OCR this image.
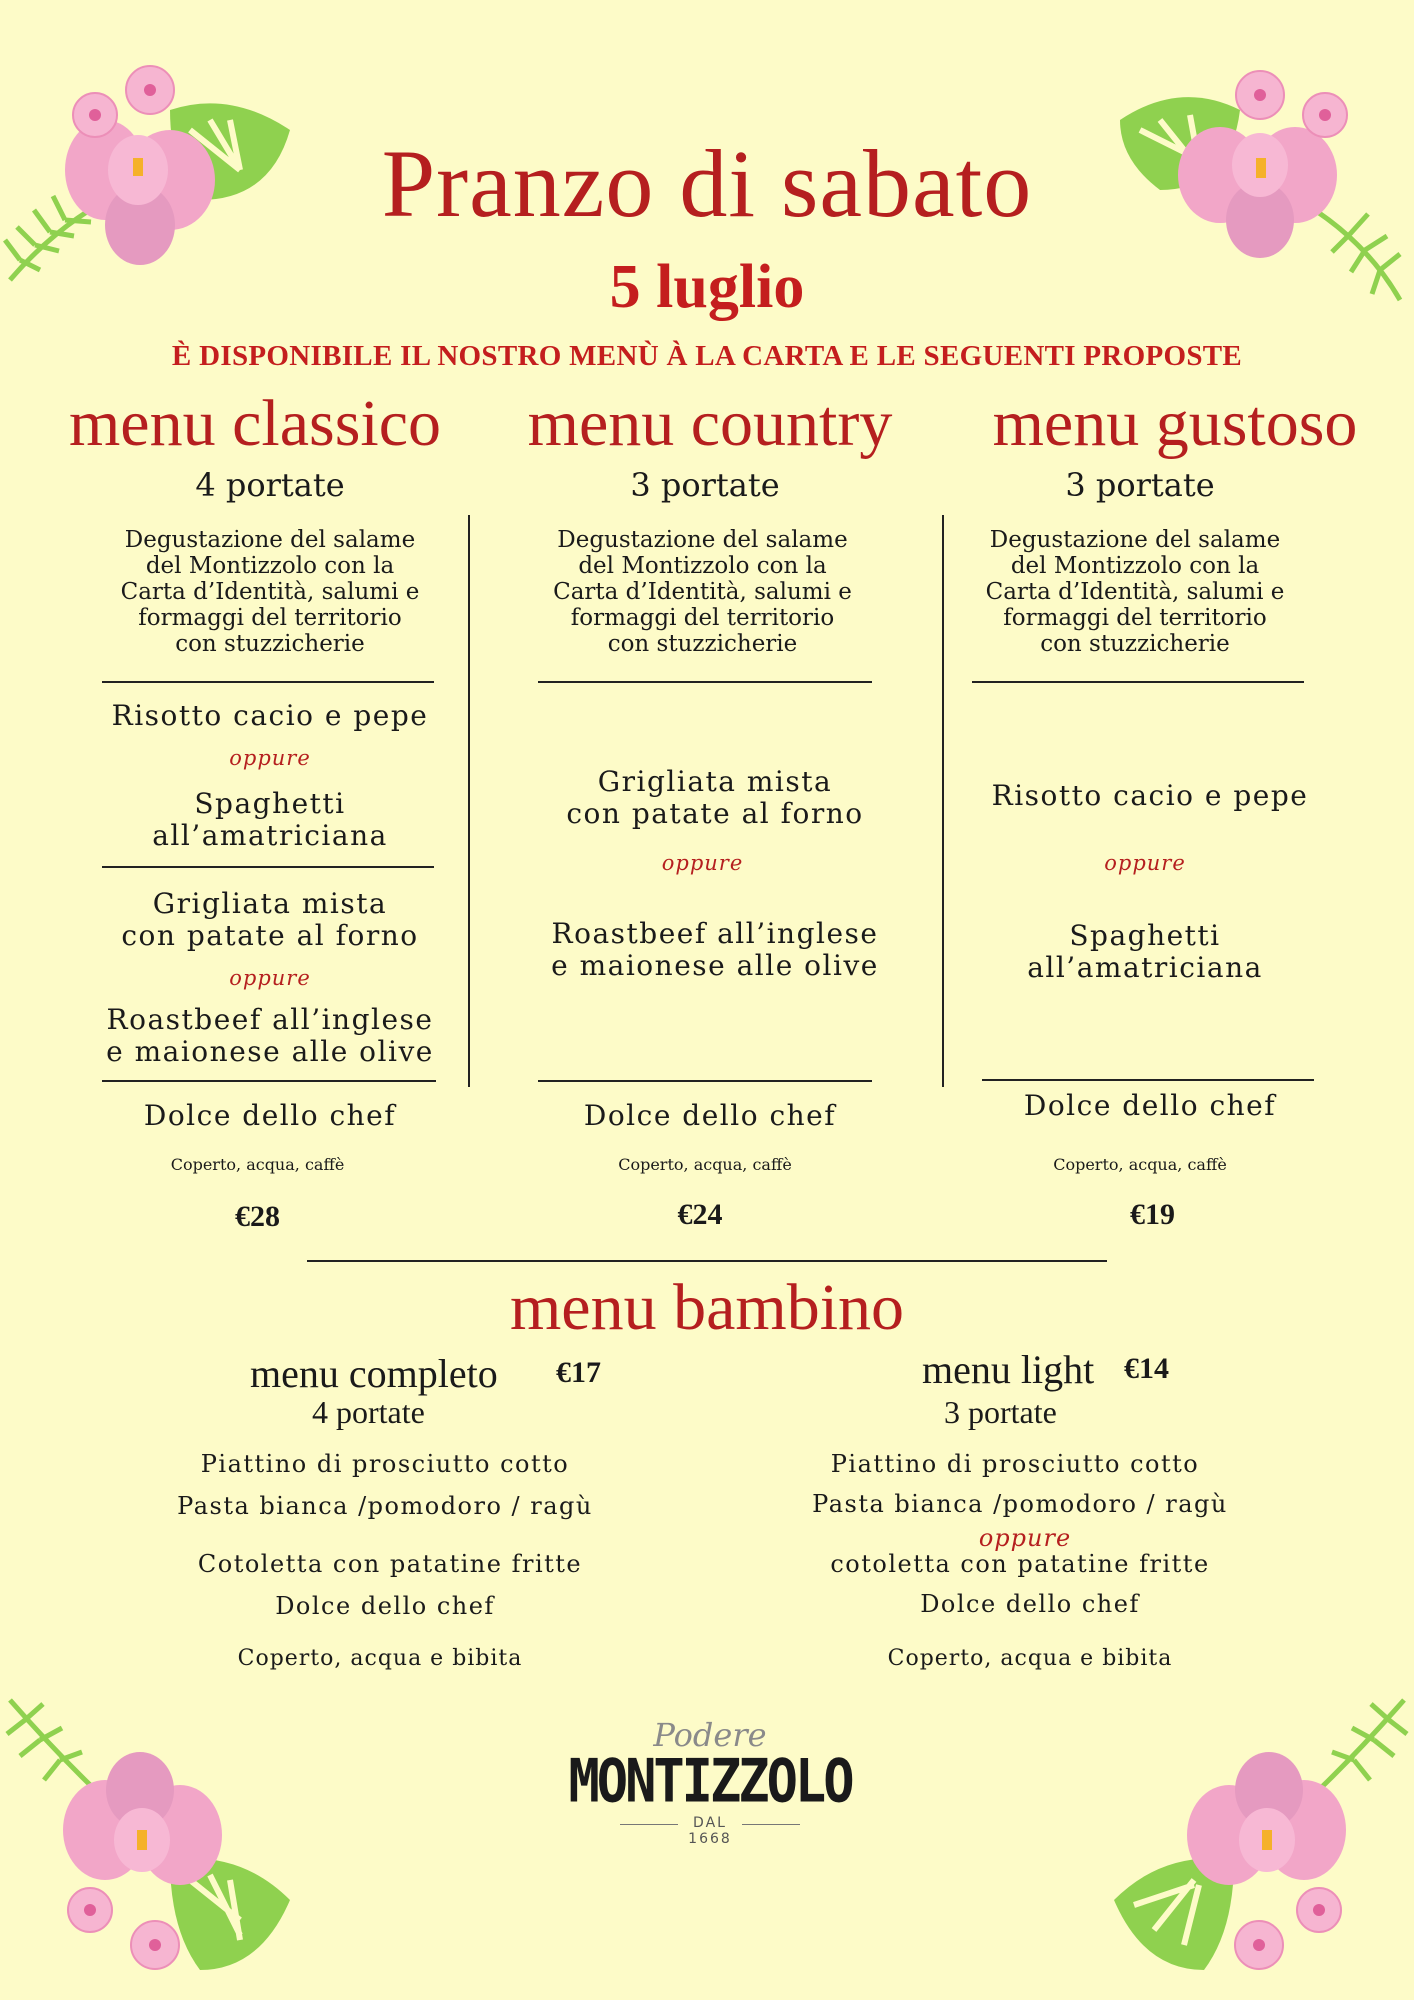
Pranzo di sabato
5 luglio
È DISPONIBILE IL NOSTRO MENÙ À LA CARTA E LE SEGUENTI PROPOSTE
menu classico	menu country	menu gustoso
4 portate	3 portate	3 portate
Degustazione del salame
del Montizzolo con la
Carta d’Identità, salumi e
formaggi del territorio
con stuzzicherie
Risotto cacio e pepe
oppure
Spaghetti
all’amatriciana
Grigliata mista
con patate al forno
oppure
Roastbeef all’inglese
e maionese alle olive
Dolce dello chef
Coperto, acqua, caffè
€28
Degustazione del salame
del Montizzolo con la
Carta d’Identità, salumi e
formaggi del territorio
con stuzzicherie
Grigliata mista
con patate al forno
oppure
Roastbeef all’inglese
e maionese alle olive
Dolce dello chef
Coperto, acqua, caffè
€24
Degustazione del salame
del Montizzolo con la
Carta d’Identità, salumi e
formaggi del territorio
con stuzzicherie
Risotto cacio e pepe
oppure
Spaghetti
all’amatriciana
Dolce dello chef
Coperto, acqua, caffè
€19
menu bambino
menu completo €17
4 portate
Piattino di prosciutto cotto
Pasta bianca /pomodoro / ragù
Cotoletta con patatine fritte
Dolce dello chef
Coperto, acqua e bibita
menu light €14
3 portate
Piattino di prosciutto cotto
Pasta bianca /pomodoro / ragù
oppure
cotoletta con patatine fritte
Dolce dello chef
Coperto, acqua e bibita
Podere
MONTIZZOLO
DAL 1668
